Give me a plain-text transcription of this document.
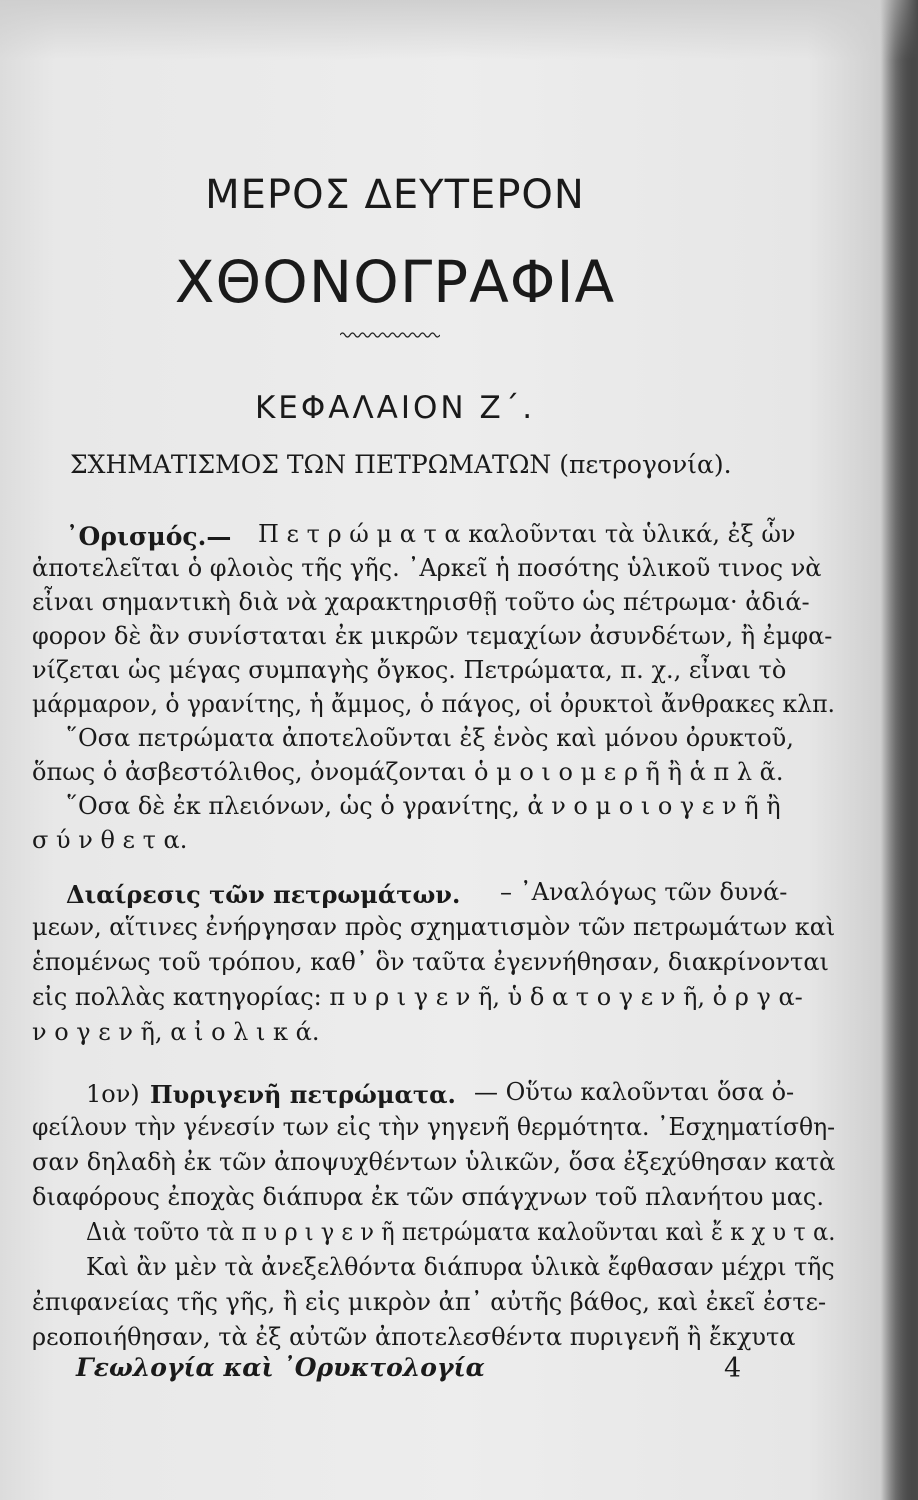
ΜΕΡΟΣ ΔΕΥΤΕΡΟΝ
ΧΘΟΝΟΓΡΑΦΙΑ
ΚΕΦΑΛΑΙΟΝ Ζ΄.
ΣΧΗΜΑΤΙΣΜΟΣ ΤΩΝ ΠΕΤΡΩΜΑΤΩΝ (πετρογονία).
᾿Ορισμός.— Π ε τ ρ ώ μ α τ α καλοῦνται τὰ ὑλικά, ἐξ ὧν
ἀποτελεῖται ὁ φλοιὸς τῆς γῆς. ᾿Αρκεῖ ἡ ποσότης ὑλικοῦ τινος νὰ
εἶναι σημαντικὴ διὰ νὰ χαρακτηρισθῇ τοῦτο ὡς πέτρωμα· ἀδιά-
φορον δὲ ἂν συνίσταται ἐκ μικρῶν τεμαχίων ἀσυνδέτων, ἢ ἐμφα-
νίζεται ὡς μέγας συμπαγὴς ὄγκος. Πετρώματα, π. χ., εἶναι τὸ
μάρμαρον, ὁ γρανίτης, ἡ ἄμμος, ὁ πάγος, οἱ ὀρυκτοὶ ἄνθρακες κλπ.
῞Οσα πετρώματα ἀποτελοῦνται ἐξ ἑνὸς καὶ μόνου ὀρυκτοῦ,
ὅπως ὁ ἀσβεστόλιθος, ὀνομάζονται ὁ μ ο ι ο μ ε ρ ῆ ἢ ἁ π λ ᾶ.
῞Οσα δὲ ἐκ πλειόνων, ὡς ὁ γρανίτης, ἀ ν ο μ ο ι ο γ ε ν ῆ ἢ
σ ύ ν θ ε τ α.
Διαίρεσις τῶν πετρωμάτων. – ᾿Αναλόγως τῶν δυνά-
μεων, αἵτινες ἐνήργησαν πρὸς σχηματισμὸν τῶν πετρωμάτων καὶ
ἑπομένως τοῦ τρόπου, καθ᾿ ὃν ταῦτα ἐγεννήθησαν, διακρίνονται
εἰς πολλὰς κατηγορίας: π υ ρ ι γ ε ν ῆ, ὑ δ α τ ο γ ε ν ῆ, ὀ ρ γ α-
ν ο γ ε ν ῆ, α ἰ ο λ ι κ ά.
1ον) Πυριγενῆ πετρώματα. — Οὕτω καλοῦνται ὅσα ὀ-
φείλουν τὴν γένεσίν των εἰς τὴν γηγενῆ θερμότητα. ᾿Εσχηματίσθη-
σαν δηλαδὴ ἐκ τῶν ἀποψυχθέντων ὑλικῶν, ὅσα ἐξεχύθησαν κατὰ
διαφόρους ἐποχὰς διάπυρα ἐκ τῶν σπάγχνων τοῦ πλανήτου μας.
Διὰ τοῦτο τὰ π υ ρ ι γ ε ν ῆ πετρώματα καλοῦνται καὶ ἔ κ χ υ τ α.
Καὶ ἂν μὲν τὰ ἀνεξελθόντα διάπυρα ὑλικὰ ἔφθασαν μέχρι τῆς
ἐπιφανείας τῆς γῆς, ἢ εἰς μικρὸν ἀπ᾿ αὐτῆς βάθος, καὶ ἐκεῖ ἐστε-
ρεοποιήθησαν, τὰ ἐξ αὐτῶν ἀποτελεσθέντα πυριγενῆ ἢ ἔκχυτα
Γεωλογία καὶ ᾿Ορυκτολογία	4
